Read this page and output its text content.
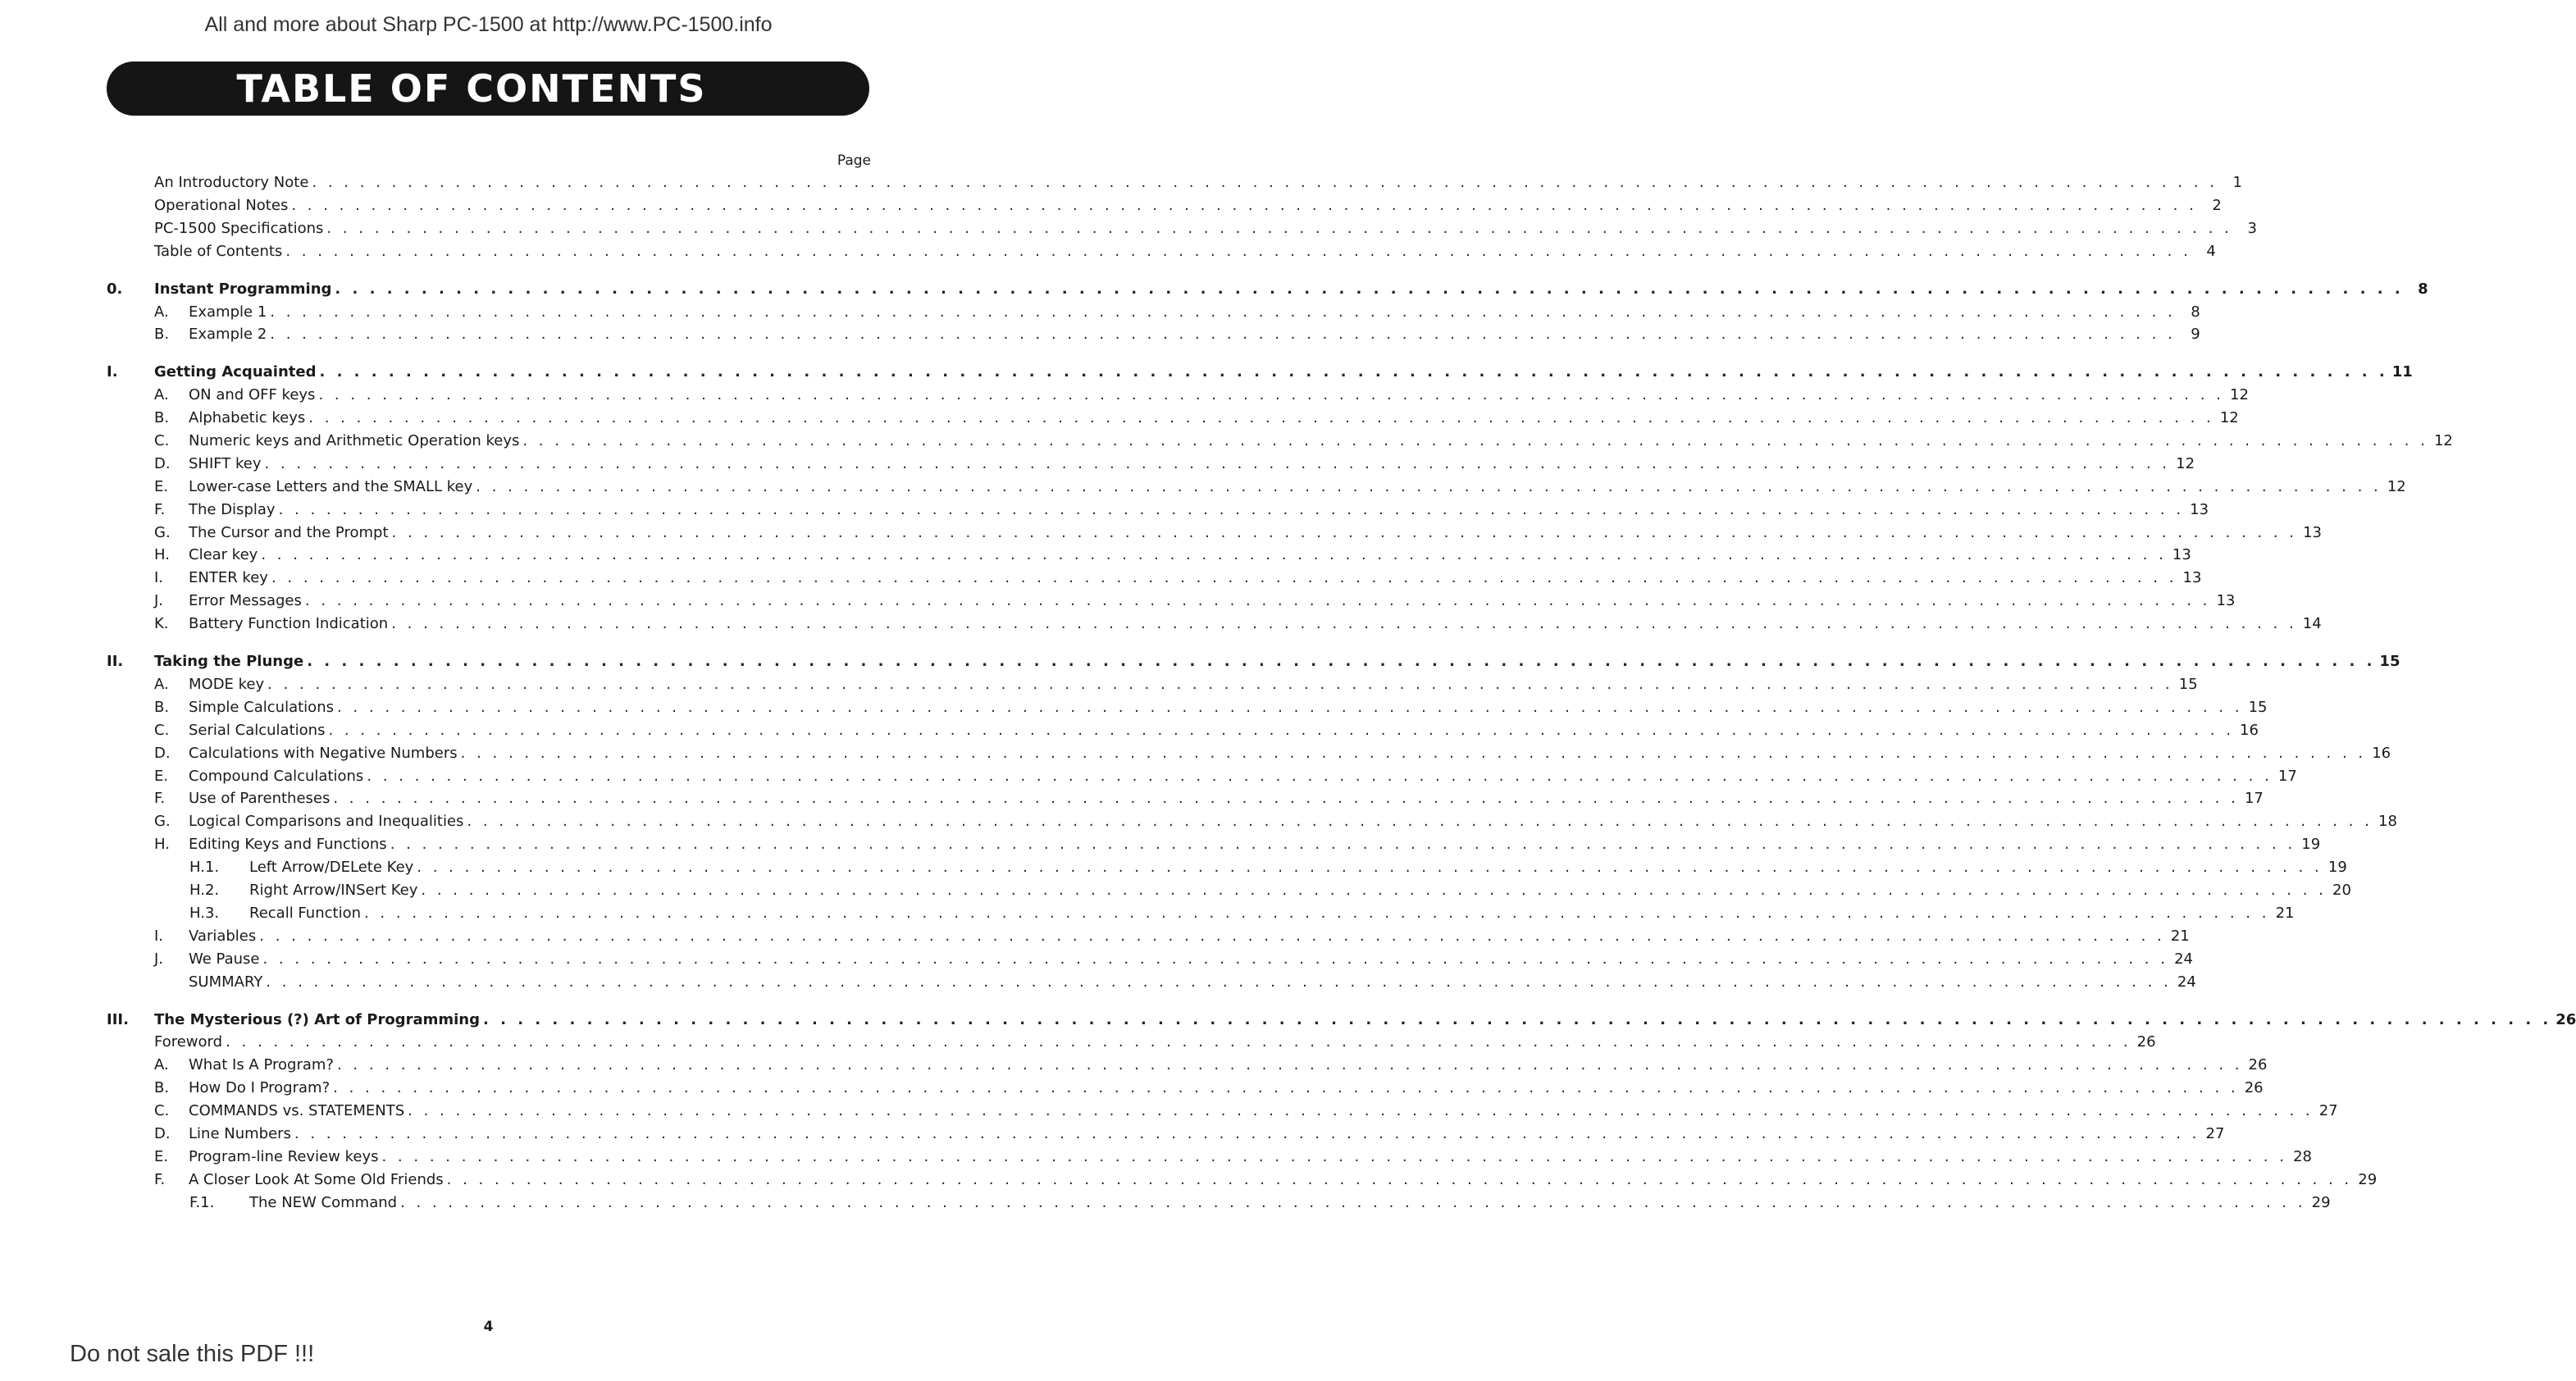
All and more about Sharp PC-1500 at http://www.PC-1500.info
TABLE OF CONTENTS
Page
An Introductory Note . . . . . . . . . . . . . . . . . . . . . . . . . . . . . . . . . . . . . . . . . . . . . . . . . . . . . . . . . . . . . . . . . . . . . . . . . . . . . . . . . . . . . . . . . . . . . . . . . . . . . . . . . . . . . . . . . . . . . . . .	1
Operational Notes . . . . . . . . . . . . . . . . . . . . . . . . . . . . . . . . . . . . . . . . . . . . . . . . . . . . . . . . . . . . . . . . . . . . . . . . . . . . . . . . . . . . . . . . . . . . . . . . . . . . . . . . . . . . . . . . . . . . . . . .	2
PC-1500 Specifications . . . . . . . . . . . . . . . . . . . . . . . . . . . . . . . . . . . . . . . . . . . . . . . . . . . . . . . . . . . . . . . . . . . . . . . . . . . . . . . . . . . . . . . . . . . . . . . . . . . . . . . . . . . . . . . . . . . . . . . .	3
Table of Contents . . . . . . . . . . . . . . . . . . . . . . . . . . . . . . . . . . . . . . . . . . . . . . . . . . . . . . . . . . . . . . . . . . . . . . . . . . . . . . . . . . . . . . . . . . . . . . . . . . . . . . . . . . . . . . . . . . . . . . . .	4
0. Instant Programming . . . . . . . . . . . . . . . . . . . . . . . . . . . . . . . . . . . . . . . . . . . . . . . . . . . . . . . . . . . . . . . . . . . . . . . . . . . . . . . . . . . . . . . . . . . . . . . . . . . . . . . . . . . . . . . . . . . . . . . . 8
A.	Example 1 . . . . . . . . . . . . . . . . . . . . . . . . . . . . . . . . . . . . . . . . . . . . . . . . . . . . . . . . . . . . . . . . . . . . . . . . . . . . . . . . . . . . . . . . . . . . . . . . . . . . . . . . . . . . . . . . . . . . . . . .	8
B.	Example 2 . . . . . . . . . . . . . . . . . . . . . . . . . . . . . . . . . . . . . . . . . . . . . . . . . . . . . . . . . . . . . . . . . . . . . . . . . . . . . . . . . . . . . . . . . . . . . . . . . . . . . . . . . . . . . . . . . . . . . . . .	9
I. Getting Acquainted . . . . . . . . . . . . . . . . . . . . . . . . . . . . . . . . . . . . . . . . . . . . . . . . . . . . . . . . . . . . . . . . . . . . . . . . . . . . . . . . . . . . . . . . . . . . . . . . . . . . . . . . . . . . . . . . . . . . . . . . 11
A.	ON and OFF keys . . . . . . . . . . . . . . . . . . . . . . . . . . . . . . . . . . . . . . . . . . . . . . . . . . . . . . . . . . . . . . . . . . . . . . . . . . . . . . . . . . . . . . . . . . . . . . . . . . . . . . . . . . . . . . . . . . . . . . . . 12
B.	Alphabetic keys . . . . . . . . . . . . . . . . . . . . . . . . . . . . . . . . . . . . . . . . . . . . . . . . . . . . . . . . . . . . . . . . . . . . . . . . . . . . . . . . . . . . . . . . . . . . . . . . . . . . . . . . . . . . . . . . . . . . . . . . 12
C.	Numeric keys and Arithmetic Operation keys . . . . . . . . . . . . . . . . . . . . . . . . . . . . . . . . . . . . . . . . . . . . . . . . . . . . . . . . . . . . . . . . . . . . . . . . . . . . . . . . . . . . . . . . . . . . . . . . . . . . . . . . . . . . . . . . . . . . . . . . 12
D.	SHIFT key . . . . . . . . . . . . . . . . . . . . . . . . . . . . . . . . . . . . . . . . . . . . . . . . . . . . . . . . . . . . . . . . . . . . . . . . . . . . . . . . . . . . . . . . . . . . . . . . . . . . . . . . . . . . . . . . . . . . . . . . 12
E.	Lower-case Letters and the SMALL key . . . . . . . . . . . . . . . . . . . . . . . . . . . . . . . . . . . . . . . . . . . . . . . . . . . . . . . . . . . . . . . . . . . . . . . . . . . . . . . . . . . . . . . . . . . . . . . . . . . . . . . . . . . . . . . . . . . . . . . . 12
F.	The Display . . . . . . . . . . . . . . . . . . . . . . . . . . . . . . . . . . . . . . . . . . . . . . . . . . . . . . . . . . . . . . . . . . . . . . . . . . . . . . . . . . . . . . . . . . . . . . . . . . . . . . . . . . . . . . . . . . . . . . . . 13
G.	The Cursor and the Prompt . . . . . . . . . . . . . . . . . . . . . . . . . . . . . . . . . . . . . . . . . . . . . . . . . . . . . . . . . . . . . . . . . . . . . . . . . . . . . . . . . . . . . . . . . . . . . . . . . . . . . . . . . . . . . . . . . . . . . . . . 13
H.	Clear key . . . . . . . . . . . . . . . . . . . . . . . . . . . . . . . . . . . . . . . . . . . . . . . . . . . . . . . . . . . . . . . . . . . . . . . . . . . . . . . . . . . . . . . . . . . . . . . . . . . . . . . . . . . . . . . . . . . . . . . . 13
I.	ENTER key . . . . . . . . . . . . . . . . . . . . . . . . . . . . . . . . . . . . . . . . . . . . . . . . . . . . . . . . . . . . . . . . . . . . . . . . . . . . . . . . . . . . . . . . . . . . . . . . . . . . . . . . . . . . . . . . . . . . . . . . 13
J.	Error Messages . . . . . . . . . . . . . . . . . . . . . . . . . . . . . . . . . . . . . . . . . . . . . . . . . . . . . . . . . . . . . . . . . . . . . . . . . . . . . . . . . . . . . . . . . . . . . . . . . . . . . . . . . . . . . . . . . . . . . . . . 13
K.	Battery Function Indication . . . . . . . . . . . . . . . . . . . . . . . . . . . . . . . . . . . . . . . . . . . . . . . . . . . . . . . . . . . . . . . . . . . . . . . . . . . . . . . . . . . . . . . . . . . . . . . . . . . . . . . . . . . . . . . . . . . . . . . . 14
II. Taking the Plunge . . . . . . . . . . . . . . . . . . . . . . . . . . . . . . . . . . . . . . . . . . . . . . . . . . . . . . . . . . . . . . . . . . . . . . . . . . . . . . . . . . . . . . . . . . . . . . . . . . . . . . . . . . . . . . . . . . . . . . . . 15
A.	MODE key . . . . . . . . . . . . . . . . . . . . . . . . . . . . . . . . . . . . . . . . . . . . . . . . . . . . . . . . . . . . . . . . . . . . . . . . . . . . . . . . . . . . . . . . . . . . . . . . . . . . . . . . . . . . . . . . . . . . . . . . 15
B.	Simple Calculations . . . . . . . . . . . . . . . . . . . . . . . . . . . . . . . . . . . . . . . . . . . . . . . . . . . . . . . . . . . . . . . . . . . . . . . . . . . . . . . . . . . . . . . . . . . . . . . . . . . . . . . . . . . . . . . . . . . . . . . . 15
C.	Serial Calculations . . . . . . . . . . . . . . . . . . . . . . . . . . . . . . . . . . . . . . . . . . . . . . . . . . . . . . . . . . . . . . . . . . . . . . . . . . . . . . . . . . . . . . . . . . . . . . . . . . . . . . . . . . . . . . . . . . . . . . . . 16
D.	Calculations with Negative Numbers . . . . . . . . . . . . . . . . . . . . . . . . . . . . . . . . . . . . . . . . . . . . . . . . . . . . . . . . . . . . . . . . . . . . . . . . . . . . . . . . . . . . . . . . . . . . . . . . . . . . . . . . . . . . . . . . . . . . . . . . 16
E.	Compound Calculations . . . . . . . . . . . . . . . . . . . . . . . . . . . . . . . . . . . . . . . . . . . . . . . . . . . . . . . . . . . . . . . . . . . . . . . . . . . . . . . . . . . . . . . . . . . . . . . . . . . . . . . . . . . . . . . . . . . . . . . . 17
F.	Use of Parentheses . . . . . . . . . . . . . . . . . . . . . . . . . . . . . . . . . . . . . . . . . . . . . . . . . . . . . . . . . . . . . . . . . . . . . . . . . . . . . . . . . . . . . . . . . . . . . . . . . . . . . . . . . . . . . . . . . . . . . . . . 17
G.	Logical Comparisons and Inequalities . . . . . . . . . . . . . . . . . . . . . . . . . . . . . . . . . . . . . . . . . . . . . . . . . . . . . . . . . . . . . . . . . . . . . . . . . . . . . . . . . . . . . . . . . . . . . . . . . . . . . . . . . . . . . . . . . . . . . . . . 18
H.	Editing Keys and Functions . . . . . . . . . . . . . . . . . . . . . . . . . . . . . . . . . . . . . . . . . . . . . . . . . . . . . . . . . . . . . . . . . . . . . . . . . . . . . . . . . . . . . . . . . . . . . . . . . . . . . . . . . . . . . . . . . . . . . . . . 19
H.1.	Left Arrow/DELete Key . . . . . . . . . . . . . . . . . . . . . . . . . . . . . . . . . . . . . . . . . . . . . . . . . . . . . . . . . . . . . . . . . . . . . . . . . . . . . . . . . . . . . . . . . . . . . . . . . . . . . . . . . . . . . . . . . . . . . . . . 19
H.2.	Right Arrow/INSert Key . . . . . . . . . . . . . . . . . . . . . . . . . . . . . . . . . . . . . . . . . . . . . . . . . . . . . . . . . . . . . . . . . . . . . . . . . . . . . . . . . . . . . . . . . . . . . . . . . . . . . . . . . . . . . . . . . . . . . . . . 20
H.3.	Recall Function . . . . . . . . . . . . . . . . . . . . . . . . . . . . . . . . . . . . . . . . . . . . . . . . . . . . . . . . . . . . . . . . . . . . . . . . . . . . . . . . . . . . . . . . . . . . . . . . . . . . . . . . . . . . . . . . . . . . . . . . 21
I.	Variables . . . . . . . . . . . . . . . . . . . . . . . . . . . . . . . . . . . . . . . . . . . . . . . . . . . . . . . . . . . . . . . . . . . . . . . . . . . . . . . . . . . . . . . . . . . . . . . . . . . . . . . . . . . . . . . . . . . . . . . . 21
J.	We Pause . . . . . . . . . . . . . . . . . . . . . . . . . . . . . . . . . . . . . . . . . . . . . . . . . . . . . . . . . . . . . . . . . . . . . . . . . . . . . . . . . . . . . . . . . . . . . . . . . . . . . . . . . . . . . . . . . . . . . . . . 24
SUMMARY . . . . . . . . . . . . . . . . . . . . . . . . . . . . . . . . . . . . . . . . . . . . . . . . . . . . . . . . . . . . . . . . . . . . . . . . . . . . . . . . . . . . . . . . . . . . . . . . . . . . . . . . . . . . . . . . . . . . . . . . 24
III. The Mysterious (?) Art of Programming . . . . . . . . . . . . . . . . . . . . . . . . . . . . . . . . . . . . . . . . . . . . . . . . . . . . . . . . . . . . . . . . . . . . . . . . . . . . . . . . . . . . . . . . . . . . . . . . . . . . . . . . . . . . . . . . . . . . . . . . 26
Foreword . . . . . . . . . . . . . . . . . . . . . . . . . . . . . . . . . . . . . . . . . . . . . . . . . . . . . . . . . . . . . . . . . . . . . . . . . . . . . . . . . . . . . . . . . . . . . . . . . . . . . . . . . . . . . . . . . . . . . . . . 26
A.	What Is A Program? . . . . . . . . . . . . . . . . . . . . . . . . . . . . . . . . . . . . . . . . . . . . . . . . . . . . . . . . . . . . . . . . . . . . . . . . . . . . . . . . . . . . . . . . . . . . . . . . . . . . . . . . . . . . . . . . . . . . . . . . 26
B.	How Do I Program? . . . . . . . . . . . . . . . . . . . . . . . . . . . . . . . . . . . . . . . . . . . . . . . . . . . . . . . . . . . . . . . . . . . . . . . . . . . . . . . . . . . . . . . . . . . . . . . . . . . . . . . . . . . . . . . . . . . . . . . . 26
C.	COMMANDS vs. STATEMENTS . . . . . . . . . . . . . . . . . . . . . . . . . . . . . . . . . . . . . . . . . . . . . . . . . . . . . . . . . . . . . . . . . . . . . . . . . . . . . . . . . . . . . . . . . . . . . . . . . . . . . . . . . . . . . . . . . . . . . . . . 27
D.	Line Numbers . . . . . . . . . . . . . . . . . . . . . . . . . . . . . . . . . . . . . . . . . . . . . . . . . . . . . . . . . . . . . . . . . . . . . . . . . . . . . . . . . . . . . . . . . . . . . . . . . . . . . . . . . . . . . . . . . . . . . . . . 27
E.	Program-line Review keys . . . . . . . . . . . . . . . . . . . . . . . . . . . . . . . . . . . . . . . . . . . . . . . . . . . . . . . . . . . . . . . . . . . . . . . . . . . . . . . . . . . . . . . . . . . . . . . . . . . . . . . . . . . . . . . . . . . . . . . . 28
F.	A Closer Look At Some Old Friends . . . . . . . . . . . . . . . . . . . . . . . . . . . . . . . . . . . . . . . . . . . . . . . . . . . . . . . . . . . . . . . . . . . . . . . . . . . . . . . . . . . . . . . . . . . . . . . . . . . . . . . . . . . . . . . . . . . . . . . . 29
F.1.	The NEW Command . . . . . . . . . . . . . . . . . . . . . . . . . . . . . . . . . . . . . . . . . . . . . . . . . . . . . . . . . . . . . . . . . . . . . . . . . . . . . . . . . . . . . . . . . . . . . . . . . . . . . . . . . . . . . . . . . . . . . . . . 29
4
Do not sale this PDF !!!
